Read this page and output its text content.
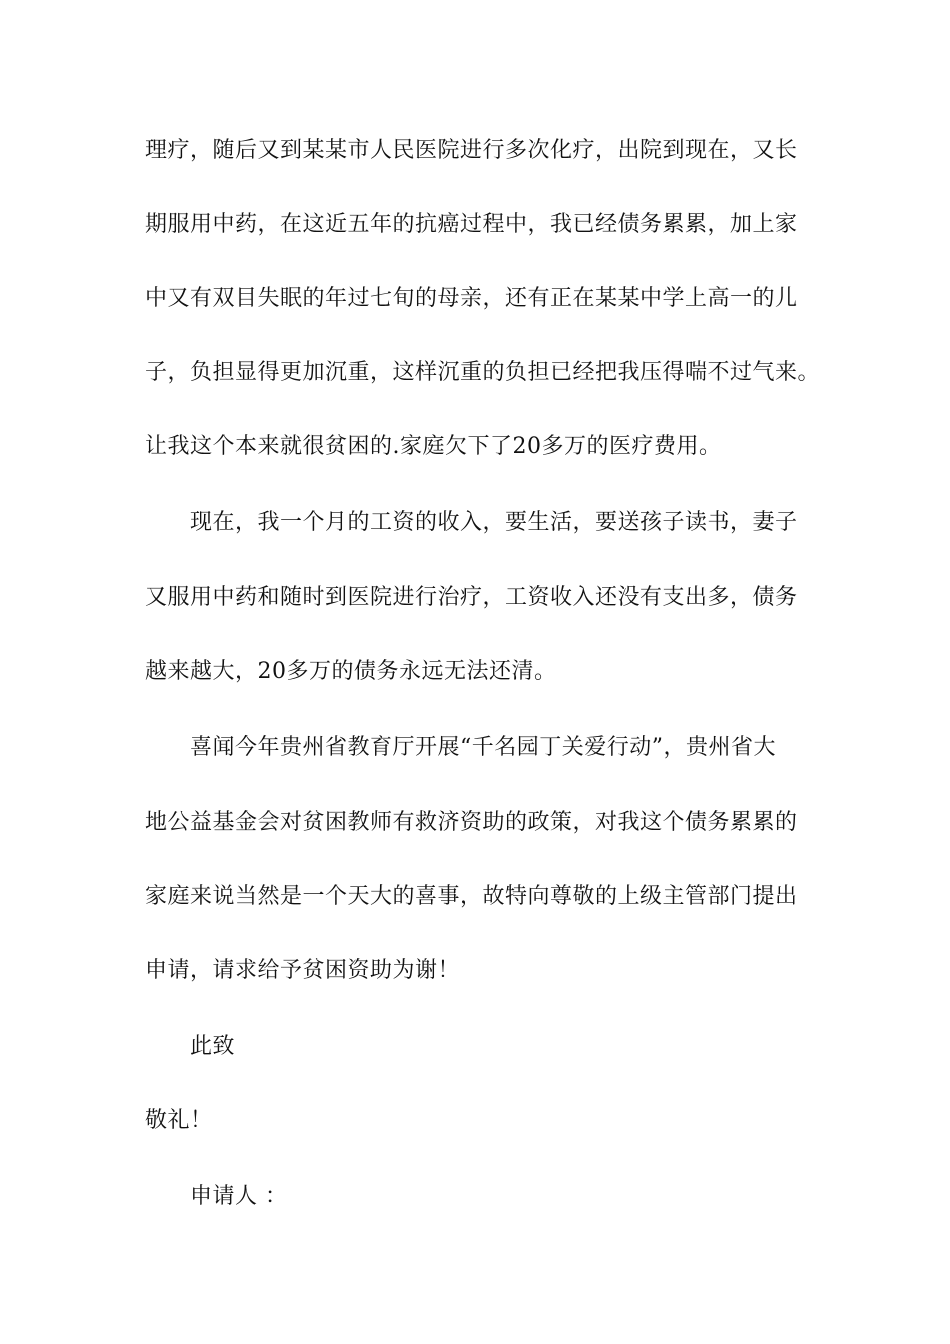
理疗，随后又到某某市人民医院进行多次化疗，出院到现在，又长
期服用中药，在这近五年的抗癌过程中，我已经债务累累，加上家
中又有双目失眠的年过七旬的母亲，还有正在某某中学上高一的儿
子，负担显得更加沉重，这样沉重的负担已经把我压得喘不过气来。
让我这个本来就很贫困的.家庭欠下了20多万的医疗费用。
现在，我一个月的工资的收入，要生活，要送孩子读书，妻子
又服用中药和随时到医院进行治疗，工资收入还没有支出多，债务
越来越大，20多万的债务永远无法还清。
喜闻今年贵州省教育厅开展“千名园丁关爱行动”，贵州省大
地公益基金会对贫困教师有救济资助的政策，对我这个债务累累的
家庭来说当然是一个天大的喜事，故特向尊敬的上级主管部门提出
申请，请求给予贫困资助为谢！
此致
敬礼！
申请人 ：
